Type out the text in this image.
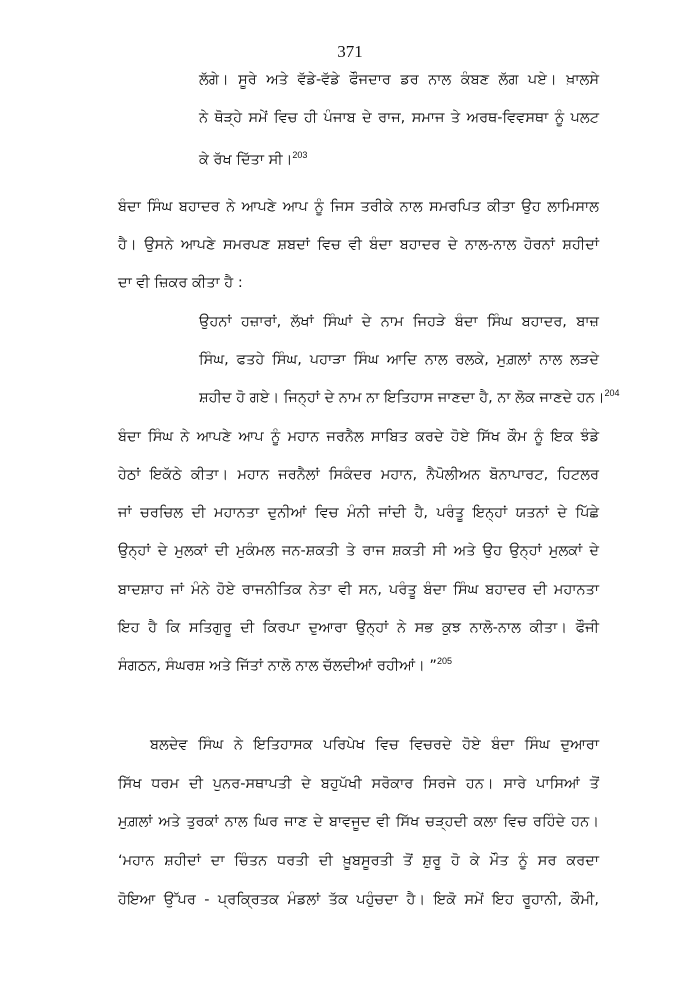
371
ਲੱਗੇ। ਸੂਰੇ ਅਤੇ ਵੱਡੇ-ਵੱਡੇ ਫੌਜਦਾਰ ਡਰ ਨਾਲ ਕੰਬਣ ਲੱਗ ਪਏ। ਖ਼ਾਲਸੇ
ਨੇ ਥੋੜ੍ਹੇ ਸਮੇਂ ਵਿਚ ਹੀ ਪੰਜਾਬ ਦੇ ਰਾਜ, ਸਮਾਜ ਤੇ ਅਰਥ-ਵਿਵਸਥਾ ਨੂੰ ਪਲਟ
ਕੇ ਰੱਖ ਦਿੱਤਾ ਸੀ।$^{203}$
ਬੰਦਾ ਸਿੰਘ ਬਹਾਦਰ ਨੇ ਆਪਣੇ ਆਪ ਨੂੰ ਜਿਸ ਤਰੀਕੇ ਨਾਲ ਸਮਰਪਿਤ ਕੀਤਾ ਉਹ ਲਾਮਿਸਾਲ
ਹੈ। ਉਸਨੇ ਆਪਣੇ ਸਮਰਪਣ ਸ਼ਬਦਾਂ ਵਿਚ ਵੀ ਬੰਦਾ ਬਹਾਦਰ ਦੇ ਨਾਲ-ਨਾਲ ਹੋਰਨਾਂ ਸ਼ਹੀਦਾਂ
ਦਾ ਵੀ ਜ਼ਿਕਰ ਕੀਤਾ ਹੈ :
ਉਹਨਾਂ ਹਜ਼ਾਰਾਂ, ਲੱਖਾਂ ਸਿੰਘਾਂ ਦੇ ਨਾਮ ਜਿਹੜੇ ਬੰਦਾ ਸਿੰਘ ਬਹਾਦਰ, ਬਾਜ਼
ਸਿੰਘ, ਫਤਹੇ ਸਿੰਘ, ਪਹਾੜਾ ਸਿੰਘ ਆਦਿ ਨਾਲ ਰਲਕੇ, ਮੁਗ਼ਲਾਂ ਨਾਲ ਲੜਦੇ
ਸ਼ਹੀਦ ਹੋ ਗਏ। ਜਿਨ੍ਹਾਂ ਦੇ ਨਾਮ ਨਾ ਇਤਿਹਾਸ ਜਾਣਦਾ ਹੈ, ਨਾ ਲੋਕ ਜਾਣਦੇ ਹਨ।$^{204}$
ਬੰਦਾ ਸਿੰਘ ਨੇ ਆਪਣੇ ਆਪ ਨੂੰ ਮਹਾਨ ਜਰਨੈਲ ਸਾਬਿਤ ਕਰਦੇ ਹੋਏ ਸਿੱਖ ਕੌਮ ਨੂੰ ਇਕ ਝੰਡੇ
ਹੇਠਾਂ ਇਕੱਠੇ ਕੀਤਾ। ਮਹਾਨ ਜਰਨੈਲਾਂ ਸਿਕੰਦਰ ਮਹਾਨ, ਨੈਪੋਲੀਅਨ ਬੋਨਾਪਾਰਟ, ਹਿਟਲਰ
ਜਾਂ ਚਰਚਿਲ ਦੀ ਮਹਾਨਤਾ ਦੁਨੀਆਂ ਵਿਚ ਮੰਨੀ ਜਾਂਦੀ ਹੈ, ਪਰੰਤੂ ਇਨ੍ਹਾਂ ਯਤਨਾਂ ਦੇ ਪਿੱਛੇ
ਉਨ੍ਹਾਂ ਦੇ ਮੁਲਕਾਂ ਦੀ ਮੁਕੰਮਲ ਜਨ-ਸ਼ਕਤੀ ਤੇ ਰਾਜ ਸ਼ਕਤੀ ਸੀ ਅਤੇ ਉਹ ਉਨ੍ਹਾਂ ਮੁਲਕਾਂ ਦੇ
ਬਾਦਸ਼ਾਹ ਜਾਂ ਮੰਨੇ ਹੋਏ ਰਾਜਨੀਤਿਕ ਨੇਤਾ ਵੀ ਸਨ, ਪਰੰਤੂ ਬੰਦਾ ਸਿੰਘ ਬਹਾਦਰ ਦੀ ਮਹਾਨਤਾ
ਇਹ ਹੈ ਕਿ ਸਤਿਗੁਰੂ ਦੀ ਕਿਰਪਾ ਦੁਆਰਾ ਉਨ੍ਹਾਂ ਨੇ ਸਭ ਕੁਝ ਨਾਲੋ-ਨਾਲ ਕੀਤਾ। ਫੌਜੀ
ਸੰਗਠਨ, ਸੰਘਰਸ਼ ਅਤੇ ਜਿੱਤਾਂ ਨਾਲੋ ਨਾਲ ਚੱਲਦੀਆਂ ਰਹੀਆਂ। ”$^{205}$
ਬਲਦੇਵ ਸਿੰਘ ਨੇ ਇਤਿਹਾਸਕ ਪਰਿਪੇਖ ਵਿਚ ਵਿਚਰਦੇ ਹੋਏ ਬੰਦਾ ਸਿੰਘ ਦੁਆਰਾ
ਸਿੱਖ ਧਰਮ ਦੀ ਪੁਨਰ-ਸਥਾਪਤੀ ਦੇ ਬਹੁਪੱਖੀ ਸਰੋਕਾਰ ਸਿਰਜੇ ਹਨ। ਸਾਰੇ ਪਾਸਿਆਂ ਤੋਂ
ਮੁਗ਼ਲਾਂ ਅਤੇ ਤੁਰਕਾਂ ਨਾਲ ਘਿਰ ਜਾਣ ਦੇ ਬਾਵਜੂਦ ਵੀ ਸਿੱਖ ਚੜ੍ਹਦੀ ਕਲਾ ਵਿਚ ਰਹਿੰਦੇ ਹਨ।
‘ਮਹਾਨ ਸ਼ਹੀਦਾਂ ਦਾ ਚਿੰਤਨ ਧਰਤੀ ਦੀ ਖ਼ੂਬਸੂਰਤੀ ਤੋਂ ਸ਼ੁਰੂ ਹੋ ਕੇ ਮੌਤ ਨੂੰ ਸਰ ਕਰਦਾ
ਹੋਇਆ ਉੱਪਰ - ਪ੍ਰਕ੍ਰਿਤਕ ਮੰਡਲਾਂ ਤੱਕ ਪਹੁੰਚਦਾ ਹੈ। ਇਕੋ ਸਮੇਂ ਇਹ ਰੂਹਾਨੀ, ਕੌਮੀ,
